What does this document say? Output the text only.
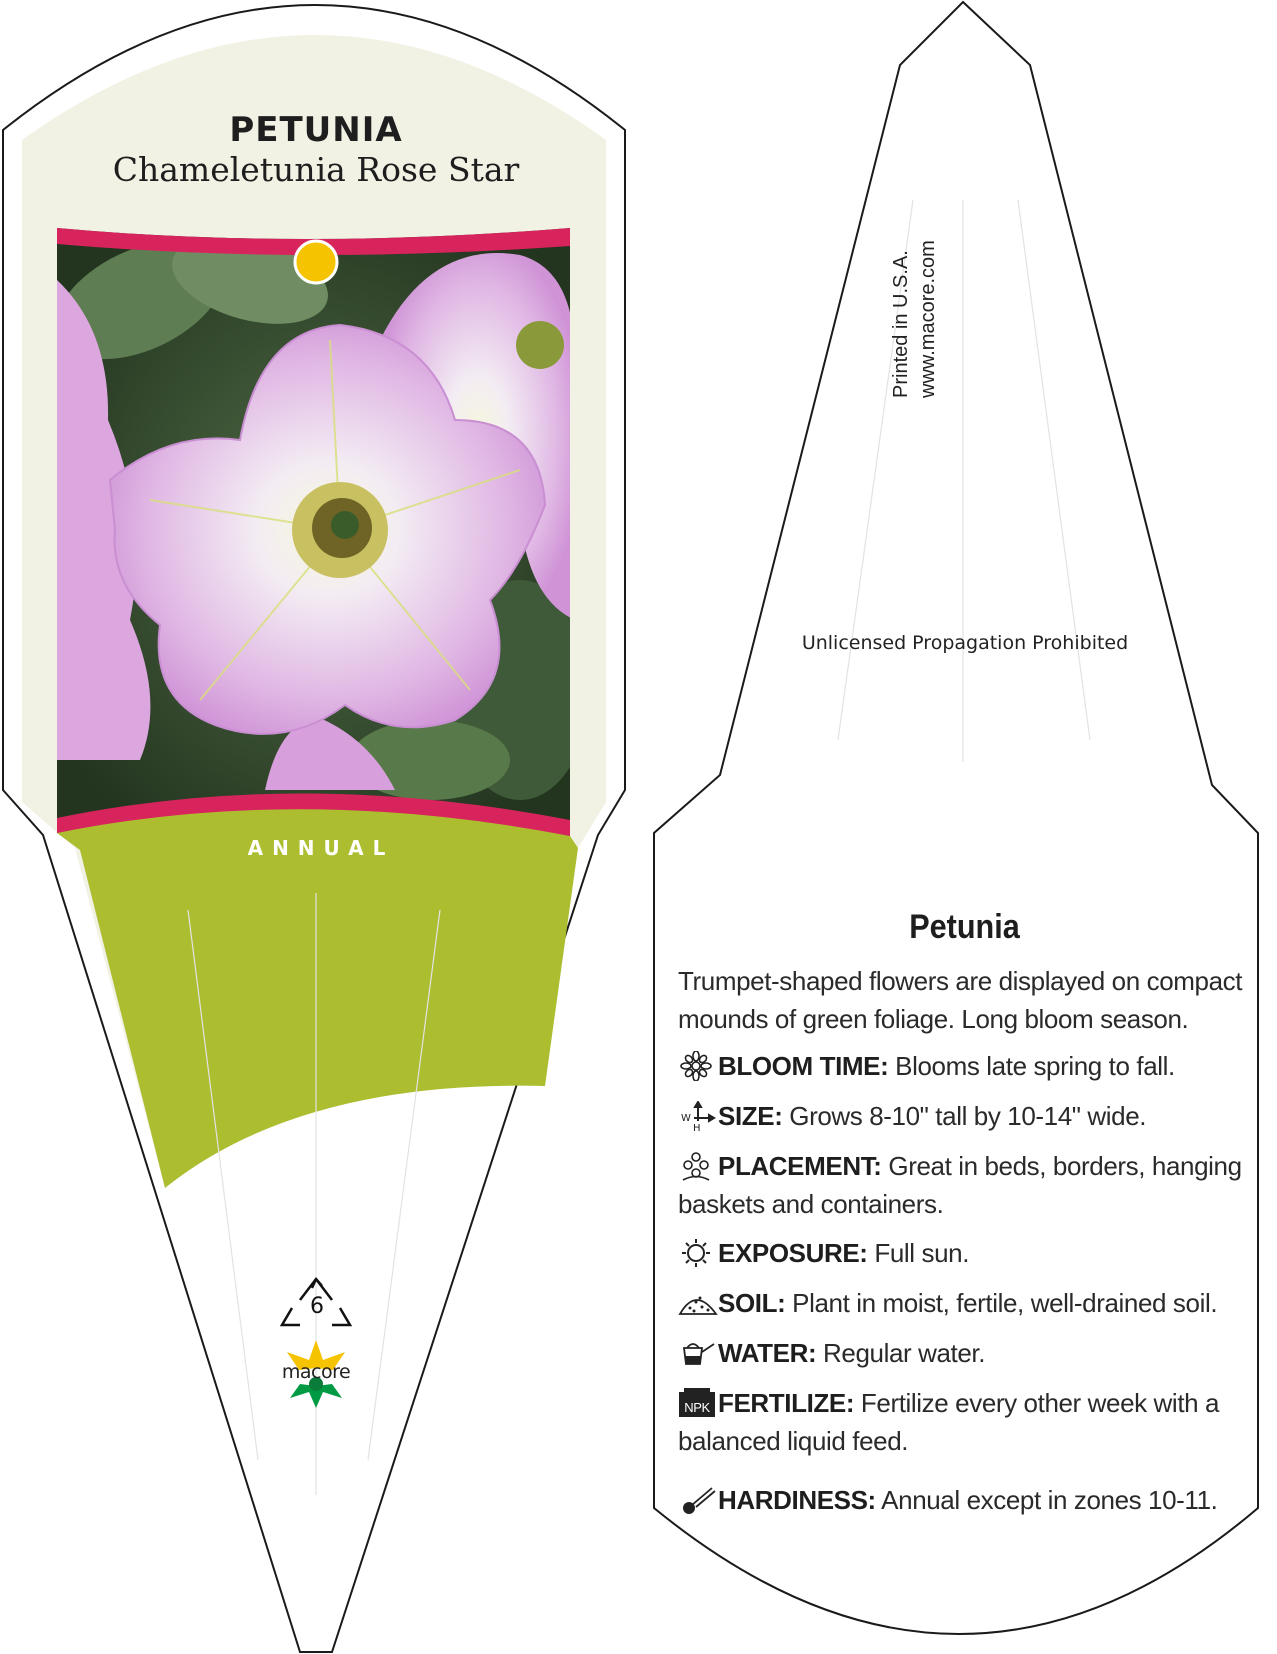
PETUNIA
Chameletunia Rose Star
ANNUAL
6
macore
Printed in U.S.A. www.macore.com
Unlicensed Propagation Prohibited
Petunia
Trumpet-shaped flowers are displayed on compact mounds of green foliage. Long bloom season.
BLOOM TIME: Blooms late spring to fall.
W
H SIZE: Grows 8-10" tall by 10-14" wide.
PLACEMENT: Great in beds, borders, hanging baskets and containers.
EXPOSURE: Full sun.
SOIL: Plant in moist, fertile, well-drained soil.
WATER: Regular water.
NPK FERTILIZE: Fertilize every other week with a balanced liquid feed.
HARDINESS: Annual except in zones 10-11.
